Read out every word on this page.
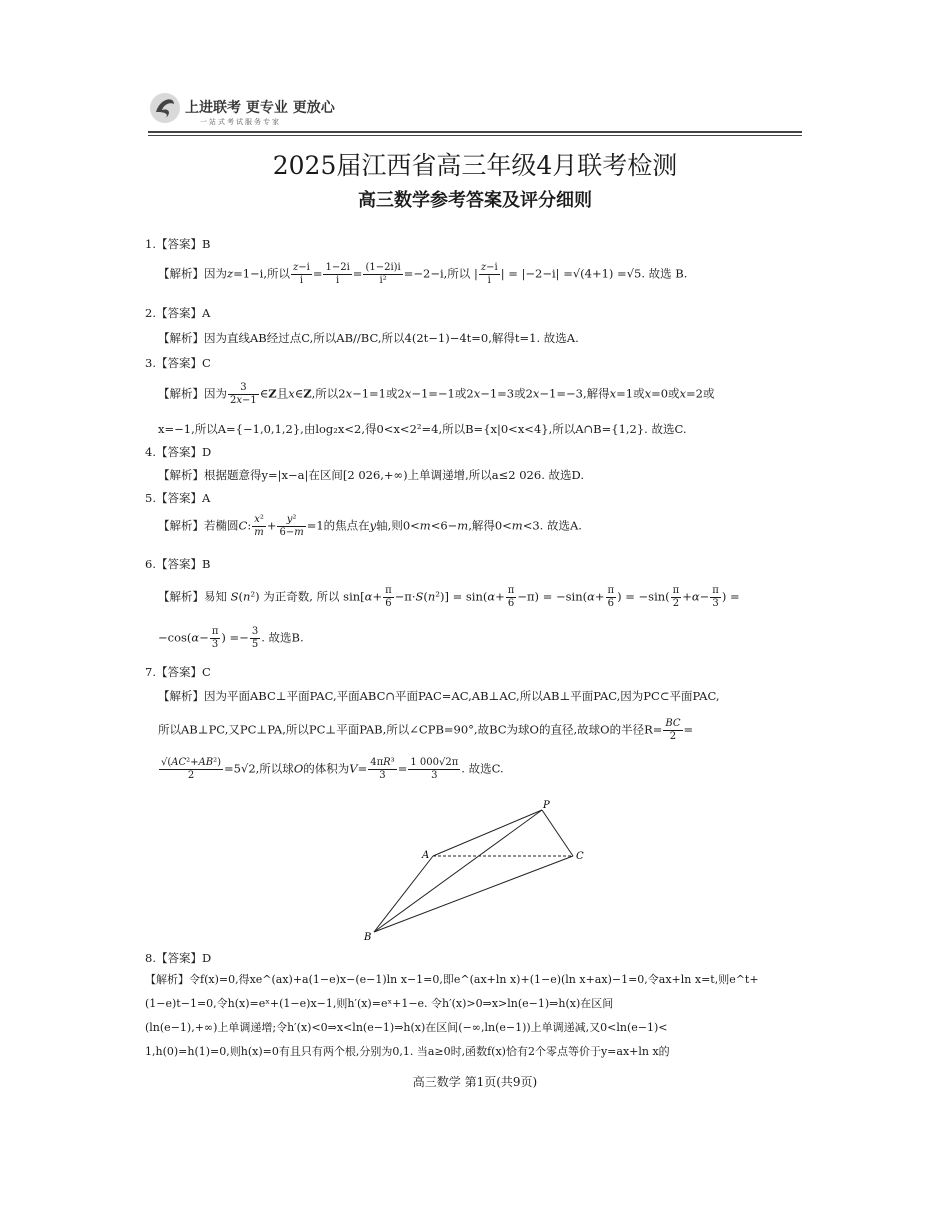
上进联考 更专业 更放心
一站式考试服务专家
2025届江西省高三年级4月联考检测
高三数学参考答案及评分细则
1.【答案】B
【解析】因为z=1−i,所以 $\frac{z-i}{i} = \frac{1-2i}{i} = \frac{(1-2i)i}{\text{i²}} =-2-i$,所以 | $\frac{z-i}{i}$ | = |−2−i| =√(4+1) =√5. 故选 B.
2.【答案】A
【解析】因为直线AB经过点C,所以AB//BC,所以4(2t−1)−4t=0,解得t=1. 故选A.
3.【答案】C
【解析】因为 $\frac{3}{2x-1}$ ∈Z且x∈Z,所以2x−1=1或2x−1=−1或2x−1=3或2x−1=−3,解得x=1或x=0或x=2或
x=−1,所以A={−1,0,1,2},由log₂x<2,得0<x<2²=4,所以B={x|0<x<4},所以A∩B={1,2}. 故选C.
4.【答案】D
【解析】根据题意得y=|x−a|在区间[2 026,+∞)上单调递增,所以a≤2 026. 故选D.
5.【答案】A
【解析】若椭圆C: $\frac{\text{x²}}{m} + \frac{\text{y²}}{6-m} =1$的焦点在y轴,则0<m<6−m,解得0<m<3. 故选A.
6.【答案】B
【解析】易知 S(n²) 为正奇数, 所以 $\sin[\alpha+ \frac{\pi}{6} -\pi\cdot S(n^2)] = \sin(\alpha+ \frac{\pi}{6} -\pi) = -\sin(\alpha+ \frac{\pi}{6}$ ) = $-\sin( \frac{\pi}{2} +\alpha- \frac{\pi}{3}$ ) =
$-\cos(\alpha- \frac{\pi}{3}$ ) =− $\frac{3}{5}$ . 故选B.
7.【答案】C
【解析】因为平面ABC⊥平面PAC,平面ABC∩平面PAC=AC,AB⊥AC,所以AB⊥平面PAC,因为PC⊂平面PAC,
所以AB⊥PC,又PC⊥PA,所以PC⊥平面PAB,所以∠CPB=90°,故BC为球O的直径,故球O的半径$R= \frac{BC}{2}$ =
$\frac{\text{√(AC²+AB²)}}{2} =5√2$,所以球O的体积为$V= \frac{\text{4πR³}}{3} = \frac{1 000√2\pi}{3}$ . 故选C.
P
A	C
B
8.【答案】D
【解析】令f(x)=0,得xe^(ax)+a(1−e)x−(e−1)ln x−1=0,即e^(ax+ln x)+(1−e)(ln x+ax)−1=0,令ax+ln x=t,则e^t+
(1−e)t−1=0,令h(x)=eˣ+(1−e)x−1,则h′(x)=eˣ+1−e. 令h′(x)>0⇒x>ln(e−1)⇒h(x)在区间
(ln(e−1),+∞)上单调递增;令h′(x)<0⇒x<ln(e−1)⇒h(x)在区间(−∞,ln(e−1))上单调递减,又0<ln(e−1)<
1,h(0)=h(1)=0,则h(x)=0有且只有两个根,分别为0,1. 当a≥0时,函数f(x)恰有2个零点等价于y=ax+ln x的
高三数学 第1页(共9页)
